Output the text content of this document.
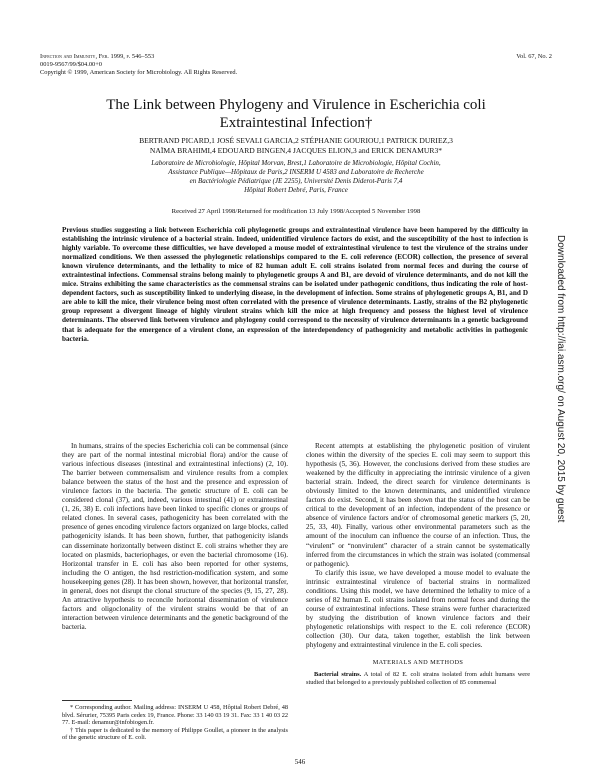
Infection and Immunity, Feb. 1999, p. 546–553
0019-9567/99/$04.00+0
Copyright © 1999, American Society for Microbiology. All Rights Reserved.
Vol. 67, No. 2
The Link between Phylogeny and Virulence in Escherichia coli
Extraintestinal Infection†
BERTRAND PICARD,1 JOSÉ SEVALI GARCIA,2 STÉPHANIE GOURIOU,1 PATRICK DURIEZ,3
NAÏMA BRAHIMI,4 EDOUARD BINGEN,4 JACQUES ELION,3 and ERICK DENAMUR3*
Laboratoire de Microbiologie, Hôpital Morvan, Brest,1 Laboratoire de Microbiologie, Hôpital Cochin,
Assistance Publique—Hôpitaux de Paris,2 INSERM U 4583 and Laboratoire de Recherche
en Bactériologie Pédiatrique (JE 2255), Université Denis Diderot-Paris 7,4
Hôpital Robert Debré, Paris, France
Received 27 April 1998/Returned for modification 13 July 1998/Accepted 5 November 1998
Previous studies suggesting a link between Escherichia coli phylogenetic groups and extraintestinal virulence have been hampered by the difficulty in establishing the intrinsic virulence of a bacterial strain. Indeed, unidentified virulence factors do exist, and the susceptibility of the host to infection is highly variable. To overcome these difficulties, we have developed a mouse model of extraintestinal virulence to test the virulence of the strains under normalized conditions. We then assessed the phylogenetic relationships compared to the E. coli reference (ECOR) collection, the presence of several known virulence determinants, and the lethality to mice of 82 human adult E. coli strains isolated from normal feces and during the course of extraintestinal infections. Commensal strains belong mainly to phylogenetic groups A and B1, are devoid of virulence determinants, and do not kill the mice. Strains exhibiting the same characteristics as the commensal strains can be isolated under pathogenic conditions, thus indicating the role of host-dependent factors, such as susceptibility linked to underlying disease, in the development of infection. Some strains of phylogenetic groups A, B1, and D are able to kill the mice, their virulence being most often correlated with the presence of virulence determinants. Lastly, strains of the B2 phylogenetic group represent a divergent lineage of highly virulent strains which kill the mice at high frequency and possess the highest level of virulence determinants. The observed link between virulence and phylogeny could correspond to the necessity of virulence determinants in a genetic background that is adequate for the emergence of a virulent clone, an expression of the interdependency of pathogenicity and metabolic activities in pathogenic bacteria.

In humans, strains of the species Escherichia coli can be commensal (since they are part of the normal intestinal microbial flora) and/or the cause of various infectious diseases (intestinal and extraintestinal infections) (2, 10). The barrier between commensalism and virulence results from a complex balance between the status of the host and the presence and expression of virulence factors in the bacteria. The genetic structure of E. coli can be considered clonal (37), and, indeed, various intestinal (41) or extraintestinal (1, 26, 38) E. coli infections have been linked to specific clones or groups of related clones. In several cases, pathogenicity has been correlated with the presence of genes encoding virulence factors organized on large blocks, called pathogenicity islands. It has been shown, further, that pathogenicity islands can disseminate horizontally between distinct E. coli strains whether they are located on plasmids, bacteriophages, or even the bacterial chromosome (16). Horizontal transfer in E. coli has also been reported for other systems, including the O antigen, the hsd restriction-modification system, and some housekeeping genes (28). It has been shown, however, that horizontal transfer, in general, does not disrupt the clonal structure of the species (9, 15, 27, 28). An attractive hypothesis to reconcile horizontal dissemination of virulence factors and oligoclonality of the virulent strains would be that of an interaction between virulence determinants and the genetic background of the bacteria.

* Corresponding author. Mailing address: INSERM U 458, Hôpital Robert Debré, 48 blvd. Sérurier, 75395 Paris cedex 19, France. Phone: 33 140 03 19 31. Fax: 33 1 40 03 22 77. E-mail: denamur@infobiogen.fr.

† This paper is dedicated to the memory of Philippe Goullet, a pioneer in the analysis of the genetic structure of E. coli.

Recent attempts at establishing the phylogenetic position of virulent clones within the diversity of the species E. coli may seem to support this hypothesis (5, 36). However, the conclusions derived from these studies are weakened by the difficulty in appreciating the intrinsic virulence of a given bacterial strain. Indeed, the direct search for virulence determinants is obviously limited to the known determinants, and unidentified virulence factors do exist. Second, it has been shown that the status of the host can be critical to the development of an infection, independent of the presence or absence of virulence factors and/or of chromosomal genetic markers (5, 20, 25, 33, 40). Finally, various other environmental parameters such as the amount of the inoculum can influence the course of an infection. Thus, the “virulent” or “nonvirulent” character of a strain cannot be systematically inferred from the circumstances in which the strain was isolated (commensal or pathogenic).

To clarify this issue, we have developed a mouse model to evaluate the intrinsic extraintestinal virulence of bacterial strains in normalized conditions. Using this model, we have determined the lethality to mice of a series of 82 human E. coli strains isolated from normal feces and during the course of extraintestinal infections. These strains were further characterized by studying the distribution of known virulence factors and their phylogenetic relationships with respect to the E. coli reference (ECOR) collection (30). Our data, taken together, establish the link between phylogeny and extraintestinal virulence in the E. coli species.

MATERIALS AND METHODS
Bacterial strains. A total of 82 E. coli strains isolated from adult humans were studied that belonged to a previously published collection of 85 commensal
546
Downloaded from http://iai.asm.org/ on August 20, 2015 by guest
